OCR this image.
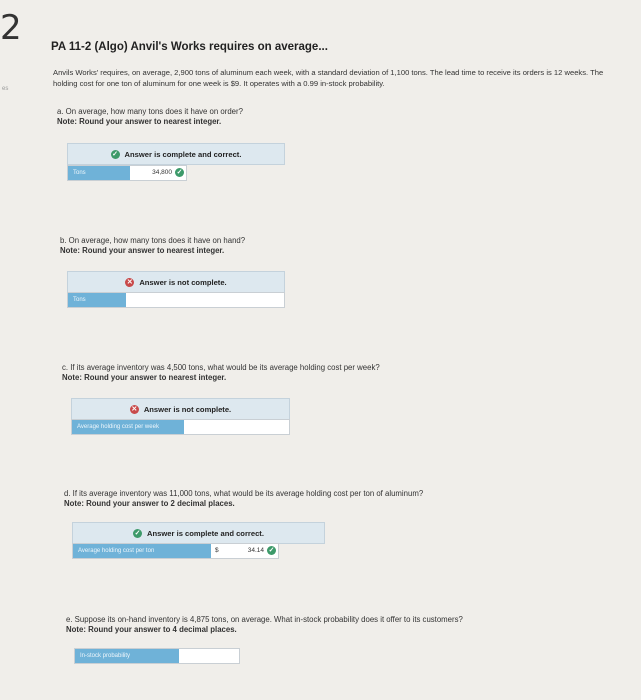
2
es
PA 11-2 (Algo) Anvil's Works requires on average...
Anvils Works' requires, on average, 2,900 tons of aluminum each week, with a standard deviation of 1,100 tons. The lead time to receive its orders is 12 weeks. The holding cost for one ton of aluminum for one week is $9. It operates with a 0.99 in-stock probability.
a. On average, how many tons does it have on order?
Note: Round your answer to nearest integer.
✓ Answer is complete and correct.
Tons	34,800 ✓
b. On average, how many tons does it have on hand?
Note: Round your answer to nearest integer.
✕ Answer is not complete.
Tons
c. If its average inventory was 4,500 tons, what would be its average holding cost per week?
Note: Round your answer to nearest integer.
✕ Answer is not complete.
Average holding cost per week
d. If its average inventory was 11,000 tons, what would be its average holding cost per ton of aluminum?
Note: Round your answer to 2 decimal places.
✓ Answer is complete and correct.
Average holding cost per ton	$	34.14 ✓
e. Suppose its on-hand inventory is 4,875 tons, on average. What in-stock probability does it offer to its customers?
Note: Round your answer to 4 decimal places.
In-stock probability
